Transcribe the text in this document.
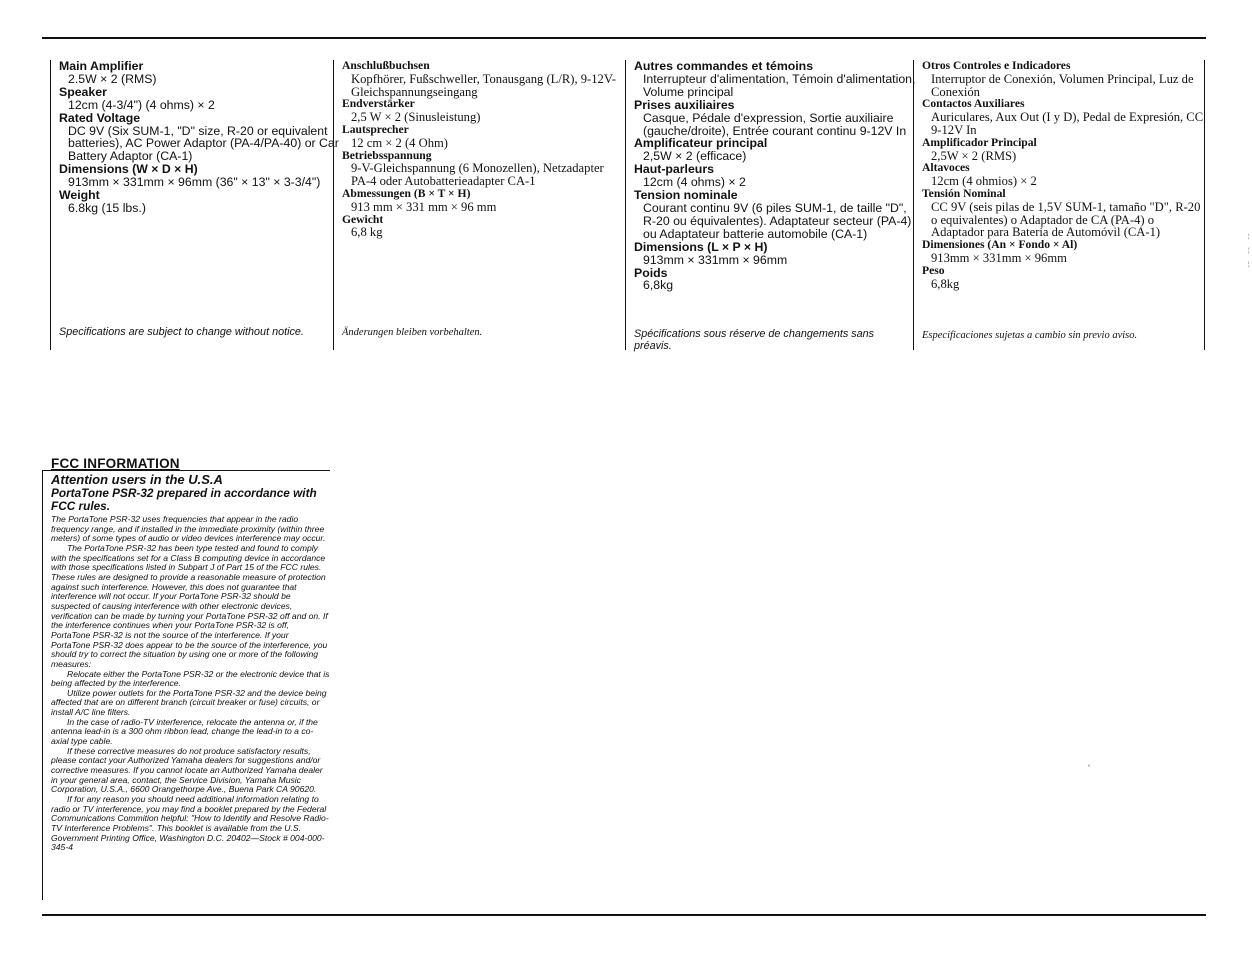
Main Amplifier
2.5W × 2 (RMS)
Speaker
12cm (4-3/4") (4 ohms) × 2
Rated Voltage
DC 9V (Six SUM-1, "D" size, R-20 or equivalent batteries), AC Power Adaptor (PA-4/PA-40) or Car Battery Adaptor (CA-1)
Dimensions (W × D × H)
913mm × 331mm × 96mm (36" × 13" × 3-3/4")
Weight
6.8kg (15 lbs.)
Specifications are subject to change without notice.
Anschlußbuchsen
Kopfhörer, Fußschweller, Tonausgang (L/R), 9-12V-Gleichspannungseingang
Endverstärker
2,5 W × 2 (Sinusleistung)
Lautsprecher
12 cm × 2 (4 Ohm)
Betriebsspannung
9-V-Gleichspannung (6 Monozellen), Netzadapter PA-4 oder Autobatterieadapter CA-1
Abmessungen (B × T × H)
913 mm × 331 mm × 96 mm
Gewicht
6,8 kg
Änderungen bleiben vorbehalten.
Autres commandes et témoins
Interrupteur d'alimentation, Témoin d'alimentation, Volume principal
Prises auxiliaires
Casque, Pédale d'expression, Sortie auxiliaire (gauche/droite), Entrée courant continu 9-12V In
Amplificateur principal
2,5W × 2 (efficace)
Haut-parleurs
12cm (4 ohms) × 2
Tension nominale
Courant continu 9V (6 piles SUM-1, de taille "D", R-20 ou équivalentes). Adaptateur secteur (PA-4) ou Adaptateur batterie automobile (CA-1)
Dimensions (L × P × H)
913mm × 331mm × 96mm
Poids
6,8kg
Spécifications sous réserve de changements sans préavis.
Otros Controles e Indicadores
Interruptor de Conexión, Volumen Principal, Luz de Conexión
Contactos Auxiliares
Auriculares, Aux Out (I y D), Pedal de Expresión, CC 9-12V In
Amplificador Principal
2,5W × 2 (RMS)
Altavoces
12cm (4 ohmios) × 2
Tensión Nominal
CC 9V (seis pilas de 1,5V SUM-1, tamaño "D", R-20 o equivalentes) o Adaptador de CA (PA-4) o Adaptador para Batería de Automóvil (CA-1)
Dimensiones (An × Fondo × Al)
913mm × 331mm × 96mm
Peso
6,8kg
Especificaciones sujetas a cambio sin previo aviso.
FCC INFORMATION
Attention users in the U.S.A
PortaTone PSR-32 prepared in accordance with FCC rules.

The PortaTone PSR-32 uses frequencies that appear in the radio frequency range, and if installed in the immediate proximity (within three meters) of some types of audio or video devices interference may occur.

The PortaTone PSR-32 has been type tested and found to comply with the specifications set for a Class B computing device in accordance with those specifications listed in Subpart J of Part 15 of the FCC rules. These rules are designed to provide a reasonable measure of protection against such interference. However, this does not guarantee that interference will not occur. If your PortaTone PSR-32 should be suspected of causing interference with other electronic devices, verification can be made by turning your PortaTone PSR-32 off and on. If the interference continues when your PortaTone PSR-32 is off, PortaTone PSR-32 is not the source of the interference. If your PortaTone PSR-32 does appear to be the source of the interference, you should try to correct the situation by using one or more of the following measures:

Relocate either the PortaTone PSR-32 or the electronic device that is being affected by the interference.

Utilize power outlets for the PortaTone PSR-32 and the device being affected that are on different branch (circuit breaker or fuse) circuits, or install A/C line filters.

In the case of radio-TV interference, relocate the antenna or, if the antenna lead-in is a 300 ohm ribbon lead, change the lead-in to a co-axial type cable.

If these corrective measures do not produce satisfactory results, please contact your Authorized Yamaha dealers for suggestions and/or corrective measures. If you cannot locate an Authorized Yamaha dealer in your general area, contact, the Service Division, Yamaha Music Corporation, U.S.A., 6600 Orangethorpe Ave., Buena Park CA 90620.

If for any reason you should need additional information relating to radio or TV interference, you may find a booklet prepared by the Federal Communications Commition helpful: "How to Identify and Resolve Radio-TV Interference Problems". This booklet is available from the U.S. Government Printing Office, Washington D.C. 20402—Stock # 004-000-345-4

ʻ
¦
¦
¦
